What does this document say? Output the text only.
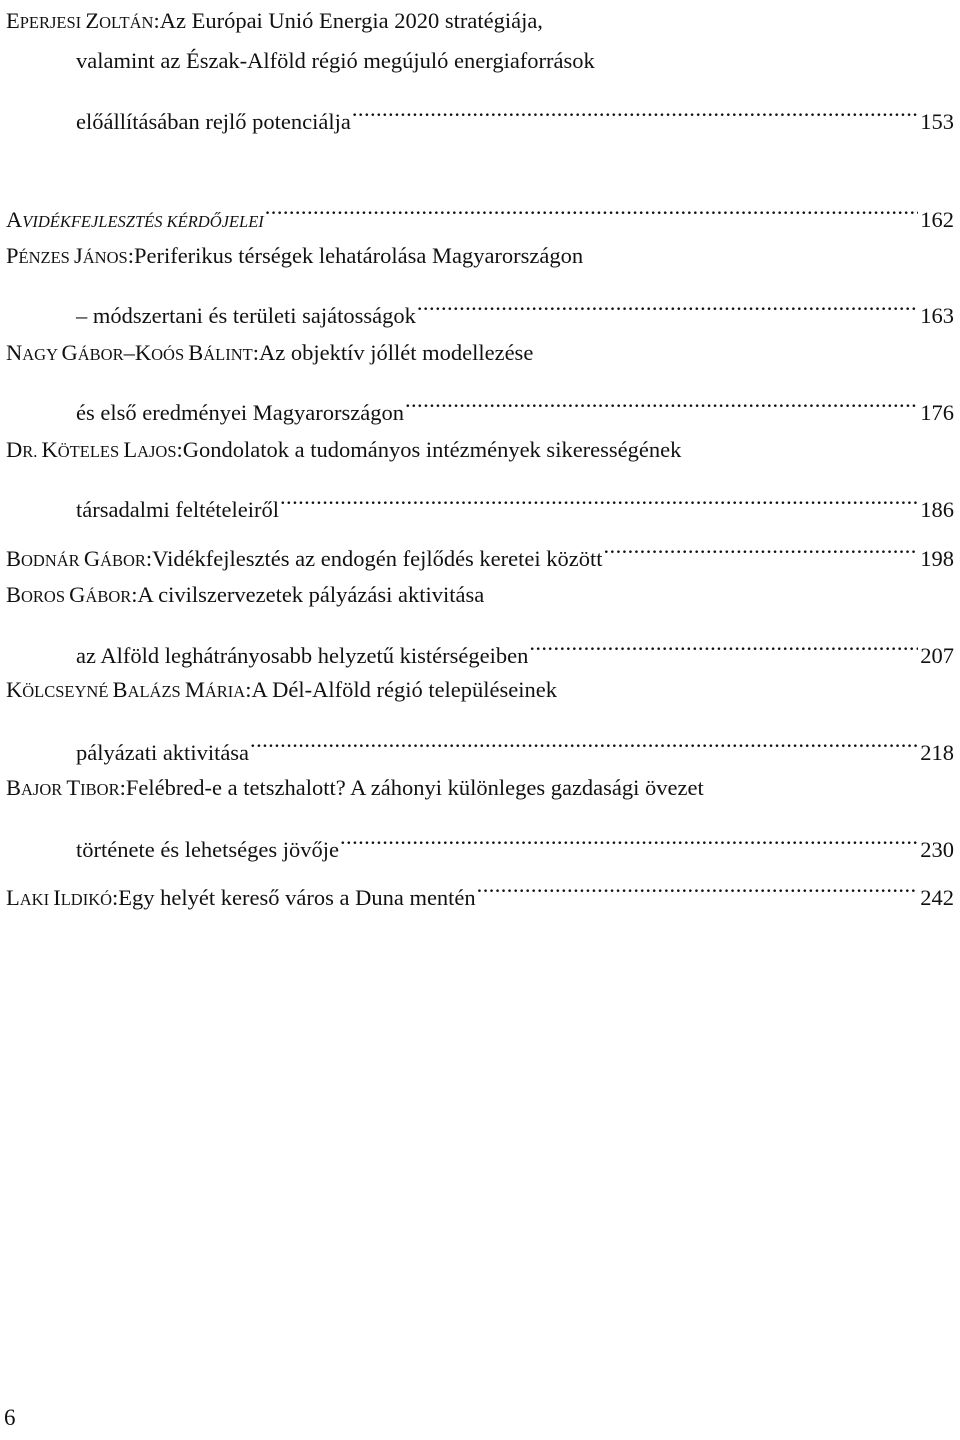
EPERJESI ZOLTÁN: Az Európai Unió Energia 2020 stratégiája,
valamint az Észak-Alföld régió megújuló energiaforrások
előállításában rejlő potenciálja .....	153
A VIDÉKFEJLESZTÉS KÉRDŐJELEI .....	162
PÉNZES JÁNOS: Periferikus térségek lehatárolása Magyarországon
– módszertani és területi sajátosságok .....	163
NAGY GÁBOR–KOÓS BÁLINT: Az objektív jóllét modellezése
és első eredményei Magyarországon .....	176
DR. KÖTELES LAJOS: Gondolatok a tudományos intézmények sikerességének
társadalmi feltételeiről .....	186
BODNÁR GÁBOR: Vidékfejlesztés az endogén fejlődés keretei között .....	198
BOROS GÁBOR: A civilszervezetek pályázási aktivitása
az Alföld leghátrányosabb helyzetű kistérségeiben .....	207
KÖLCSEYNÉ BALÁZS MÁRIA: A Dél-Alföld régió településeinek
pályázati aktivitása .....	218
BAJOR TIBOR: Felébred-e a tetszhalott? A záhonyi különleges gazdasági övezet
története és lehetséges jövője .....	230
LAKI ILDIKÓ: Egy helyét kereső város a Duna mentén .....	242
6
